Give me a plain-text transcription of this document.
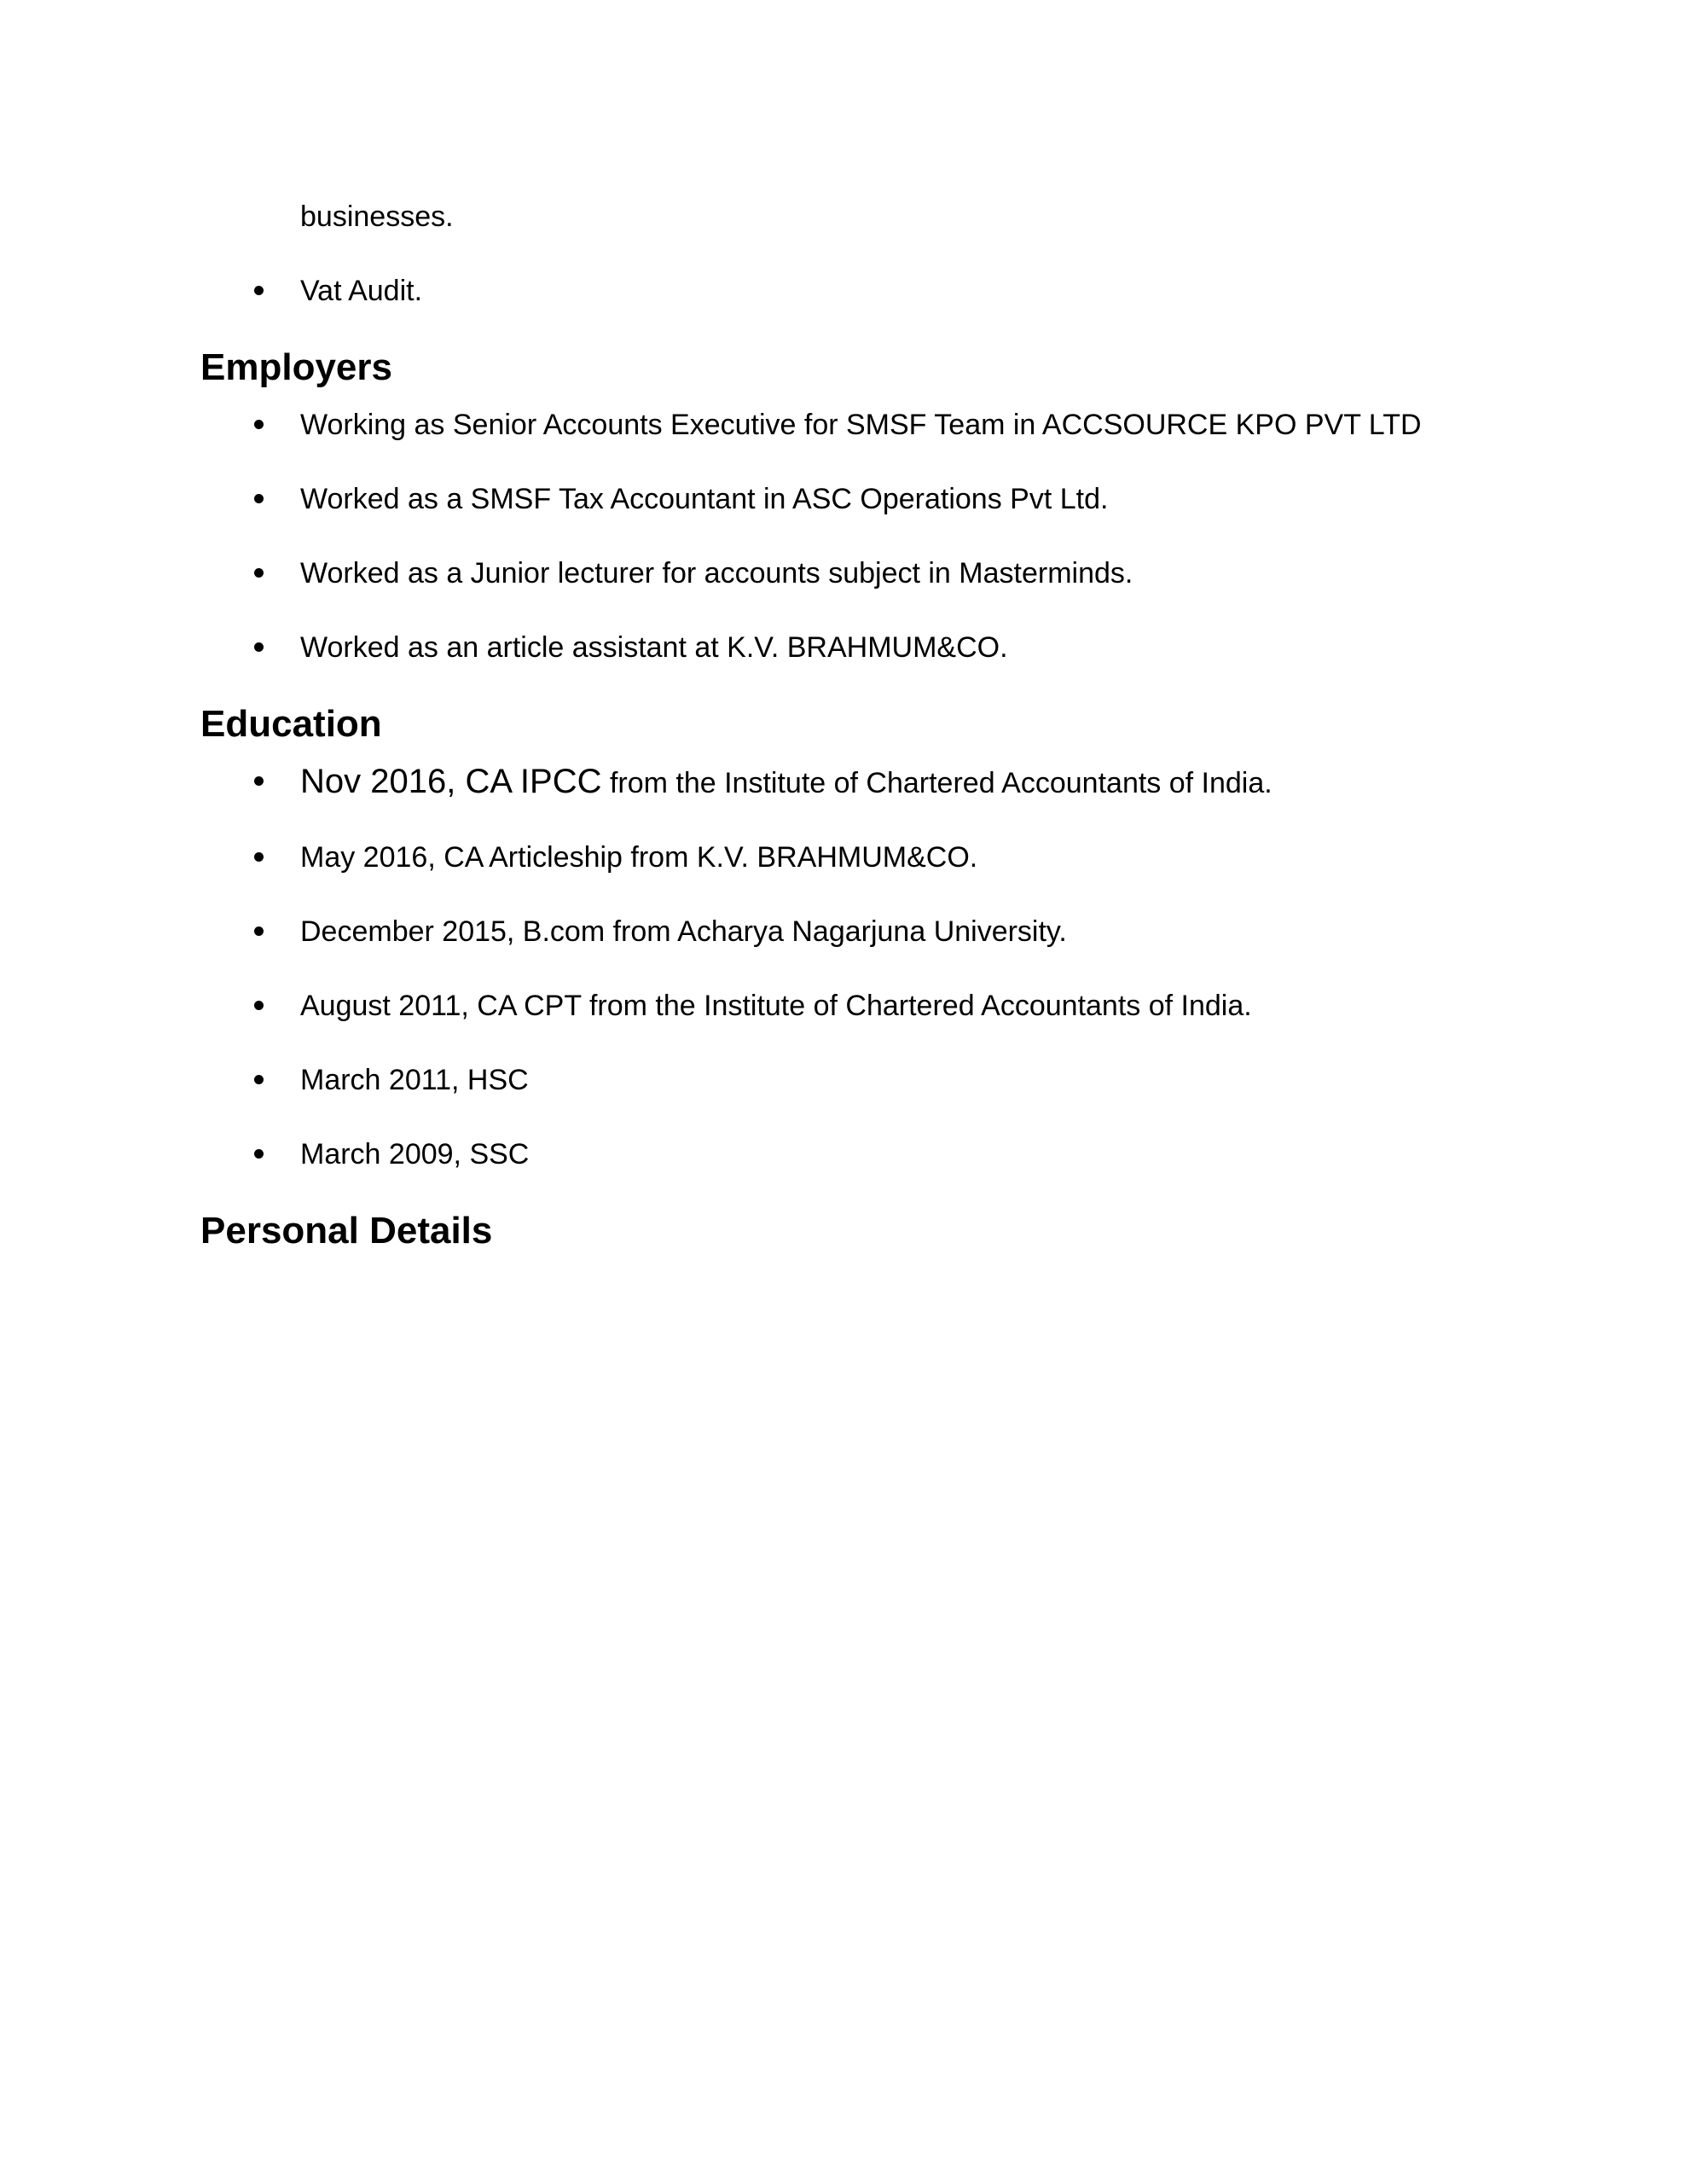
businesses.

Vat Audit.
Employers
Working as Senior Accounts Executive for SMSF Team in ACCSOURCE KPO PVT LTD
Worked as a SMSF Tax Accountant in ASC Operations Pvt Ltd.
Worked as a Junior lecturer for accounts subject in Masterminds.
Worked as an article assistant at K.V. BRAHMUM&CO.
Education
Nov 2016, CA IPCC from the Institute of Chartered Accountants of India.
May 2016, CA Articleship from K.V. BRAHMUM&CO.
December 2015, B.com from Acharya Nagarjuna University.
August 2011, CA CPT from the Institute of Chartered Accountants of India.
March 2011, HSC
March 2009, SSC
Personal Details
